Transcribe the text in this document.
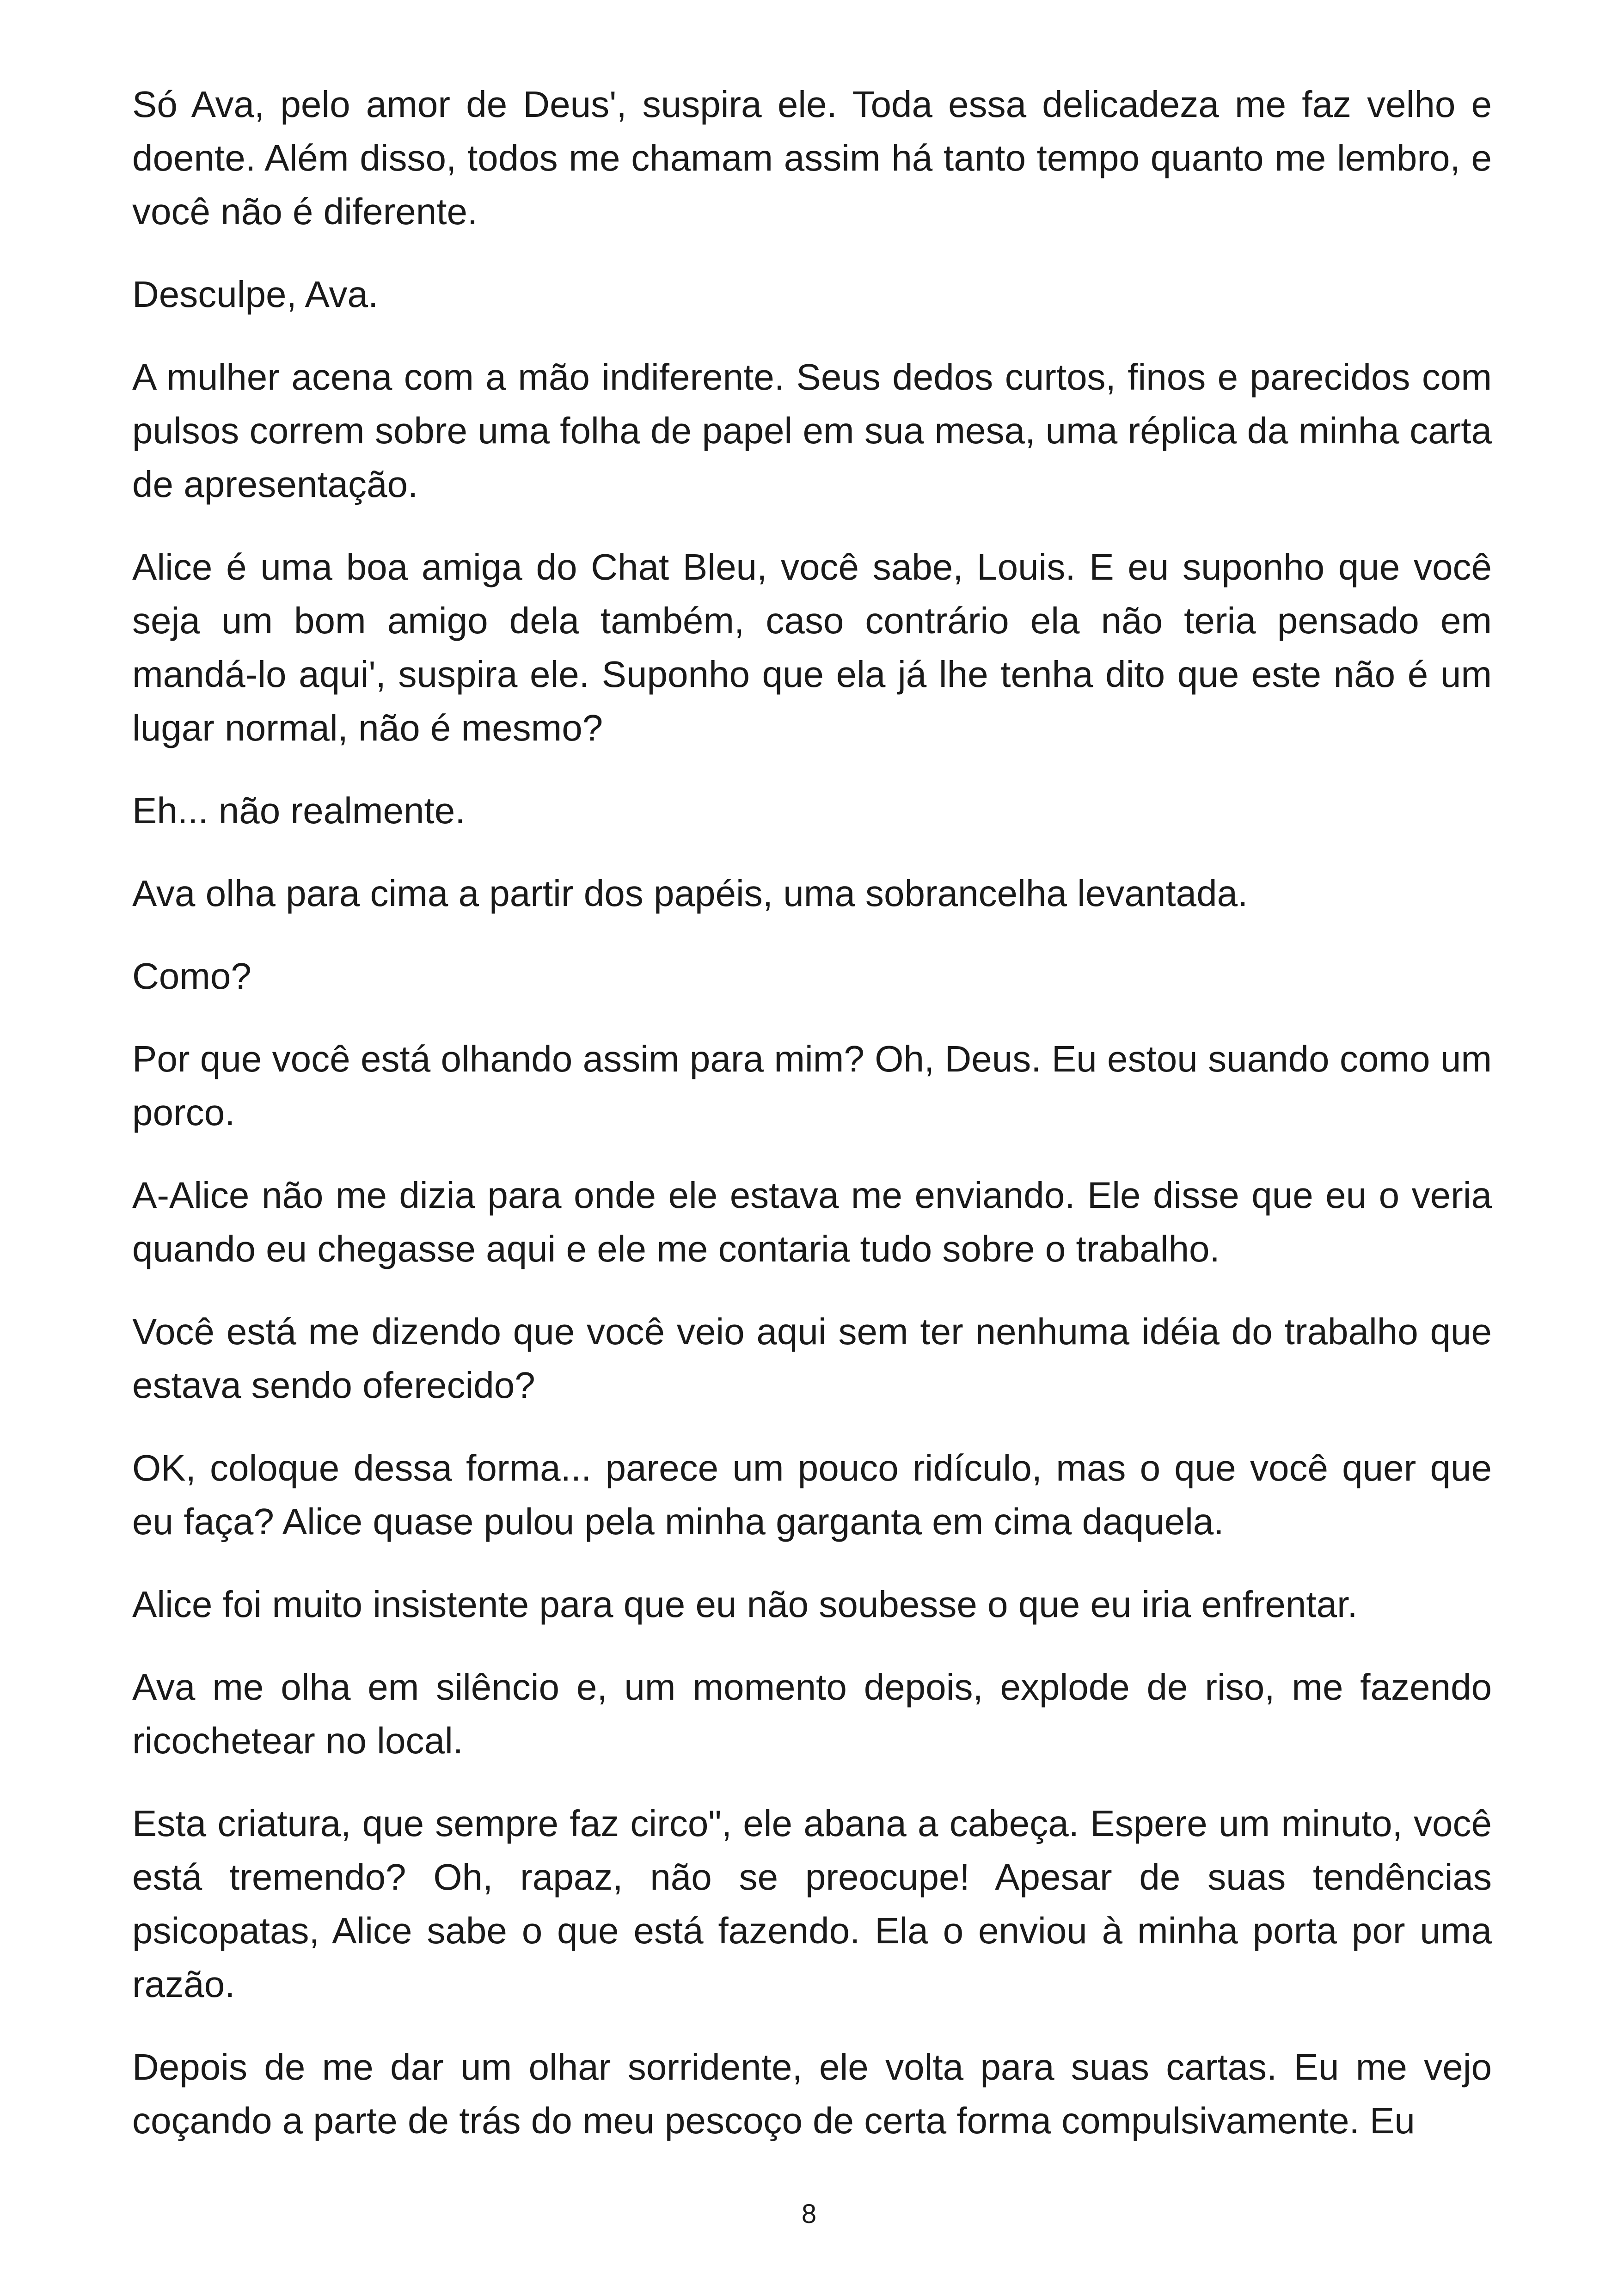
Só Ava, pelo amor de Deus', suspira ele. Toda essa delicadeza me faz velho e doente. Além disso, todos me chamam assim há tanto tempo quanto me lembro, e você não é diferente.

Desculpe, Ava.

A mulher acena com a mão indiferente. Seus dedos curtos, finos e parecidos com pulsos correm sobre uma folha de papel em sua mesa, uma réplica da minha carta de apresentação.

Alice é uma boa amiga do Chat Bleu, você sabe, Louis. E eu suponho que você seja um bom amigo dela também, caso contrário ela não teria pensado em mandá-lo aqui', suspira ele. Suponho que ela já lhe tenha dito que este não é um lugar normal, não é mesmo?

Eh... não realmente.

Ava olha para cima a partir dos papéis, uma sobrancelha levantada.

Como?

Por que você está olhando assim para mim? Oh, Deus. Eu estou suando como um porco.

A-Alice não me dizia para onde ele estava me enviando. Ele disse que eu o veria quando eu chegasse aqui e ele me contaria tudo sobre o trabalho.

Você está me dizendo que você veio aqui sem ter nenhuma idéia do trabalho que estava sendo oferecido?

OK, coloque dessa forma... parece um pouco ridículo, mas o que você quer que eu faça? Alice quase pulou pela minha garganta em cima daquela.

Alice foi muito insistente para que eu não soubesse o que eu iria enfrentar.

Ava me olha em silêncio e, um momento depois, explode de riso, me fazendo ricochetear no local.

Esta criatura, que sempre faz circo", ele abana a cabeça. Espere um minuto, você está tremendo? Oh, rapaz, não se preocupe! Apesar de suas tendências psicopatas, Alice sabe o que está fazendo. Ela o enviou à minha porta por uma razão.

Depois de me dar um olhar sorridente, ele volta para suas cartas. Eu me vejo coçando a parte de trás do meu pescoço de certa forma compulsivamente. Eu

8
